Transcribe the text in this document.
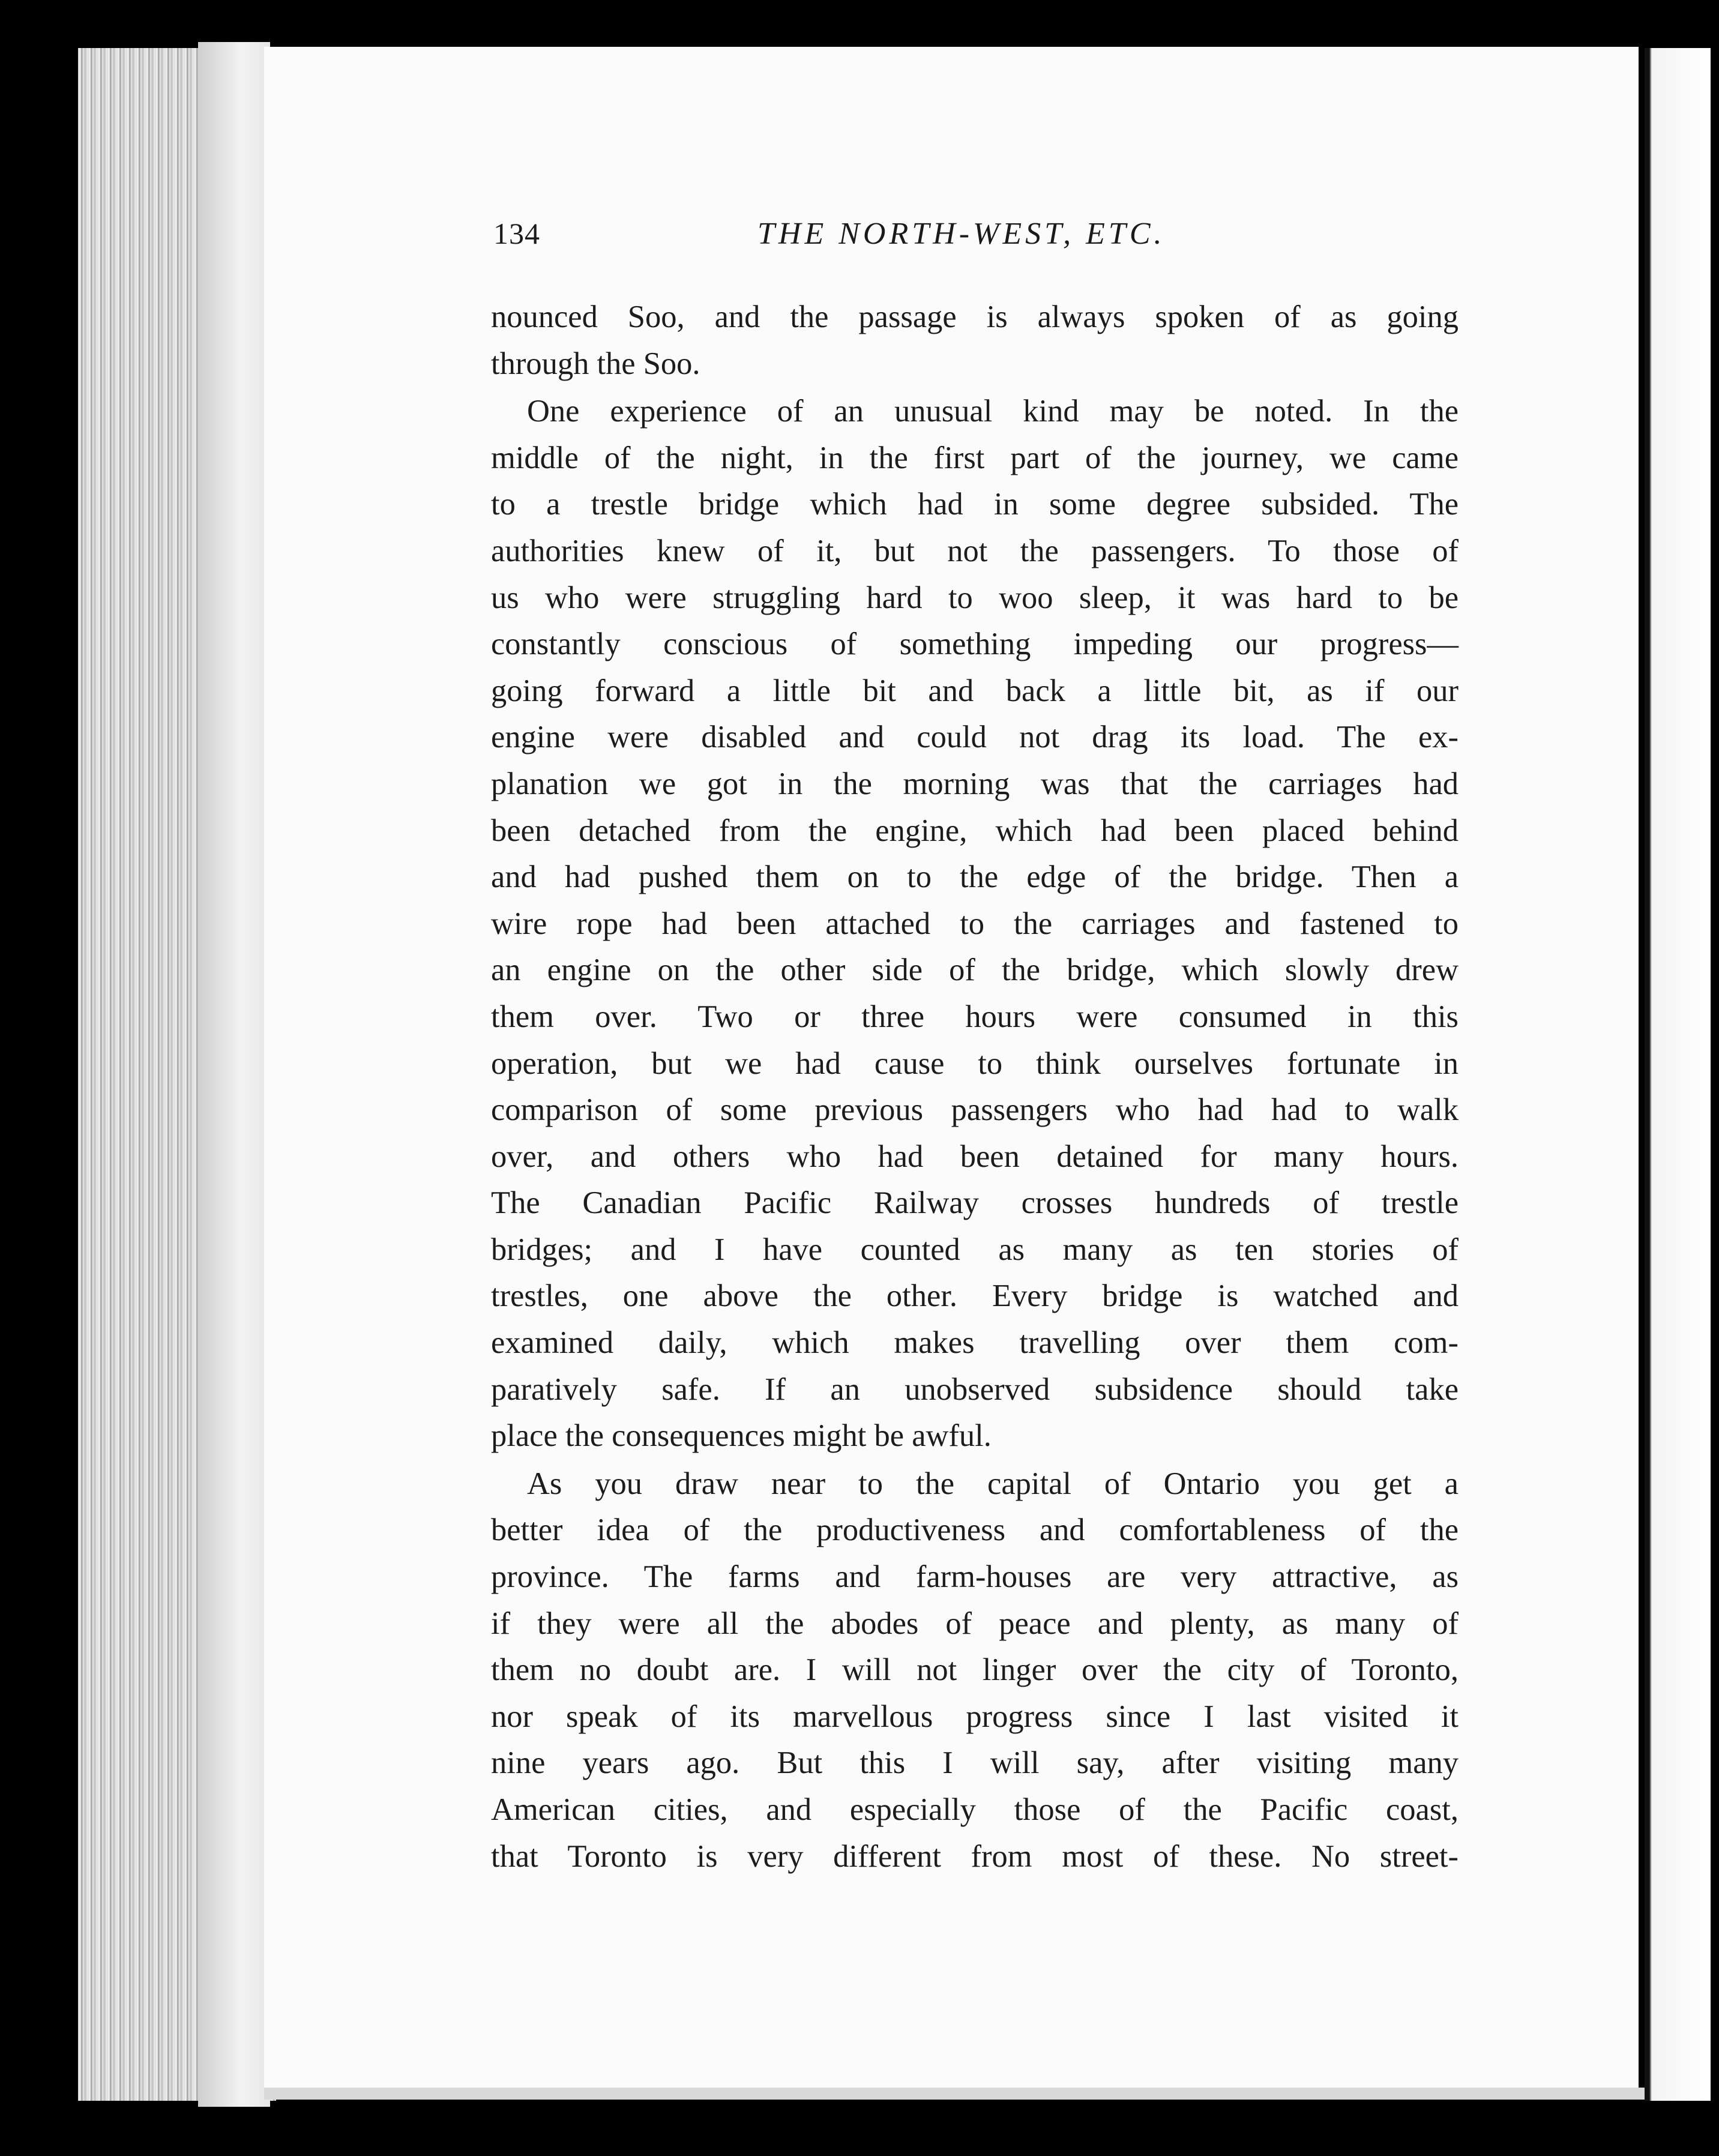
134	THE NORTH-WEST, ETC.
nounced Soo, and the passage is always spoken of as going
through the Soo.
One experience of an unusual kind may be noted. In the
middle of the night, in the first part of the journey, we came
to a trestle bridge which had in some degree subsided. The
authorities knew of it, but not the passengers. To those of
us who were struggling hard to woo sleep, it was hard to be
constantly conscious of something impeding our progress—
going forward a little bit and back a little bit, as if our
engine were disabled and could not drag its load. The ex-
planation we got in the morning was that the carriages had
been detached from the engine, which had been placed behind
and had pushed them on to the edge of the bridge. Then a
wire rope had been attached to the carriages and fastened to
an engine on the other side of the bridge, which slowly drew
them over. Two or three hours were consumed in this
operation, but we had cause to think ourselves fortunate in
comparison of some previous passengers who had had to walk
over, and others who had been detained for many hours.
The Canadian Pacific Railway crosses hundreds of trestle
bridges; and I have counted as many as ten stories of
trestles, one above the other. Every bridge is watched and
examined daily, which makes travelling over them com-
paratively safe. If an unobserved subsidence should take
place the consequences might be awful.
As you draw near to the capital of Ontario you get a
better idea of the productiveness and comfortableness of the
province. The farms and farm-houses are very attractive, as
if they were all the abodes of peace and plenty, as many of
them no doubt are. I will not linger over the city of Toronto,
nor speak of its marvellous progress since I last visited it
nine years ago. But this I will say, after visiting many
American cities, and especially those of the Pacific coast,
that Toronto is very different from most of these. No street-
